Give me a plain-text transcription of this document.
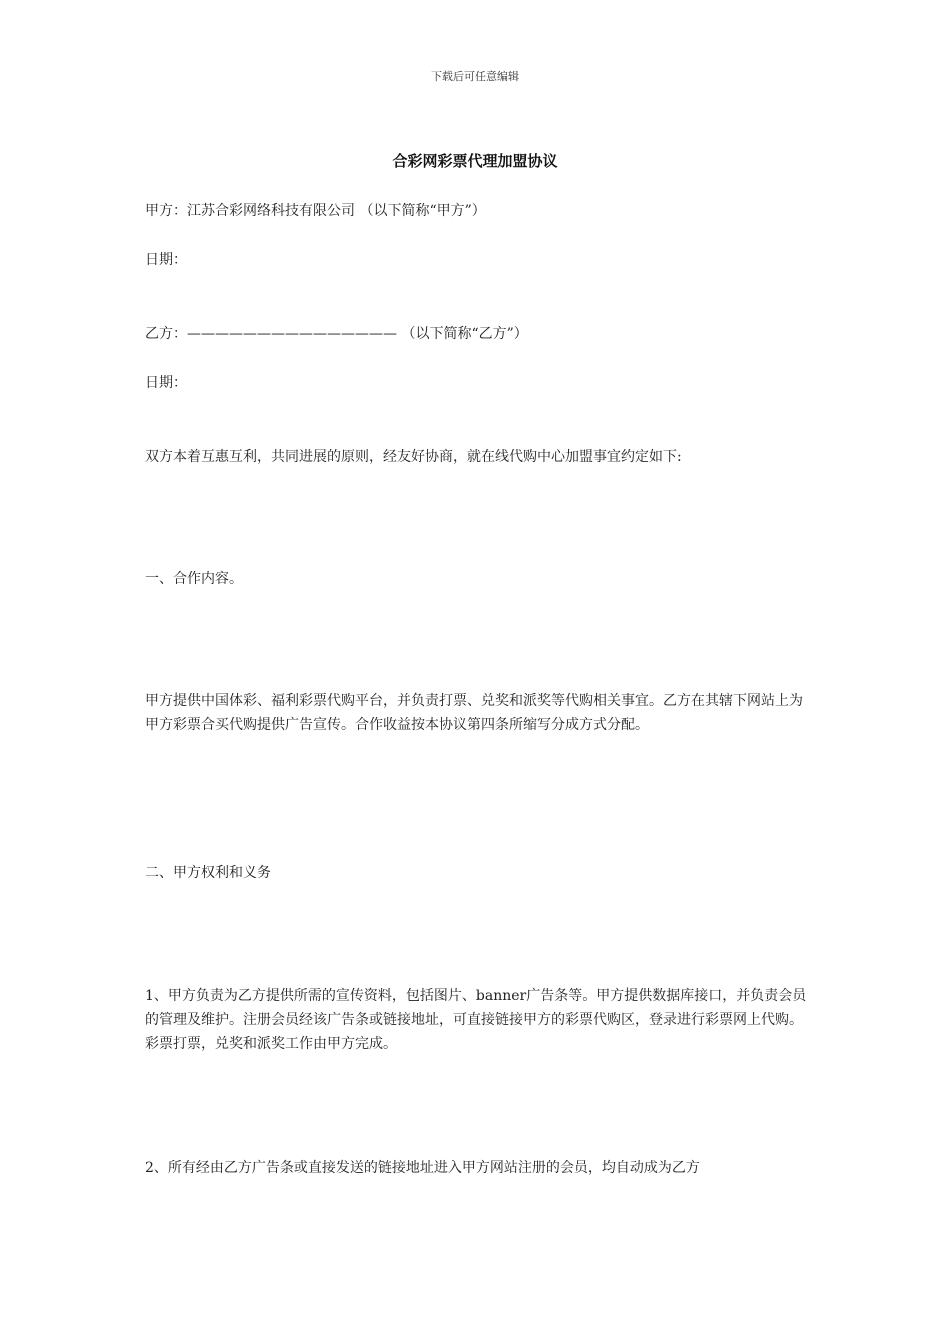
下载后可任意编辑
合彩网彩票代理加盟协议
甲方：江苏合彩网络科技有限公司 （以下简称“甲方”）
日期：
乙方：——————————————— （以下简称“乙方”）
日期：
双方本着互惠互利，共同进展的原则，经友好协商，就在线代购中心加盟事宜约定如下:
一、合作内容。
甲方提供中国体彩、福利彩票代购平台，并负责打票、兑奖和派奖等代购相关事宜。乙方在其辖下网站上为甲方彩票合买代购提供广告宣传。合作收益按本协议第四条所缩写分成方式分配。
二、甲方权利和义务
1、甲方负责为乙方提供所需的宣传资料，包括图片、banner广告条等。甲方提供数据库接口，并负责会员的管理及维护。注册会员经该广告条或链接地址，可直接链接甲方的彩票代购区，登录进行彩票网上代购。彩票打票，兑奖和派奖工作由甲方完成。
2、所有经由乙方广告条或直接发送的链接地址进入甲方网站注册的会员，均自动成为乙方
